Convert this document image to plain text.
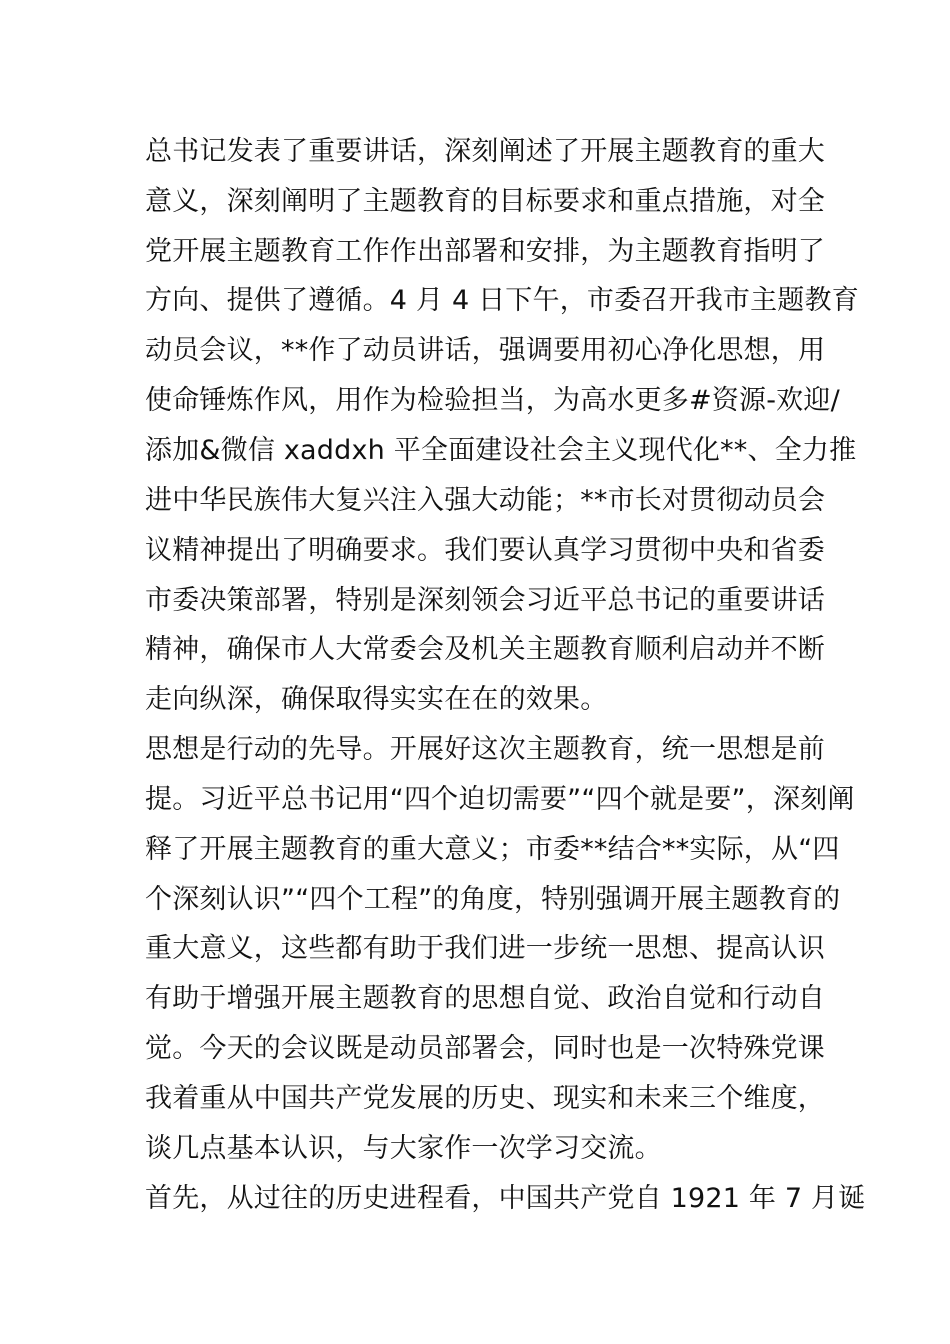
总书记发表了重要讲话，深刻阐述了开展主题教育的重大
意义，深刻阐明了主题教育的目标要求和重点措施，对全
党开展主题教育工作作出部署和安排，为主题教育指明了
方向、提供了遵循。4 月 4 日下午，市委召开我市主题教育
动员会议，**作了动员讲话，强调要用初心净化思想，用
使命锤炼作风，用作为检验担当，为高水更多#资源-欢迎/
添加&微信 xaddxh 平全面建设社会主义现代化**、全力推
进中华民族伟大复兴注入强大动能；**市长对贯彻动员会
议精神提出了明确要求。我们要认真学习贯彻中央和省委
市委决策部署，特别是深刻领会习近平总书记的重要讲话
精神，确保市人大常委会及机关主题教育顺利启动并不断
走向纵深，确保取得实实在在的效果。
思想是行动的先导。开展好这次主题教育，统一思想是前
提。习近平总书记用“四个迫切需要”“四个就是要”，深刻阐
释了开展主题教育的重大意义；市委**结合**实际，从“四
个深刻认识”“四个工程”的角度，特别强调开展主题教育的
重大意义，这些都有助于我们进一步统一思想、提高认识
有助于增强开展主题教育的思想自觉、政治自觉和行动自
觉。今天的会议既是动员部署会，同时也是一次特殊党课
我着重从中国共产党发展的历史、现实和未来三个维度，
谈几点基本认识，与大家作一次学习交流。
首先，从过往的历史进程看，中国共产党自 1921 年 7 月诞
